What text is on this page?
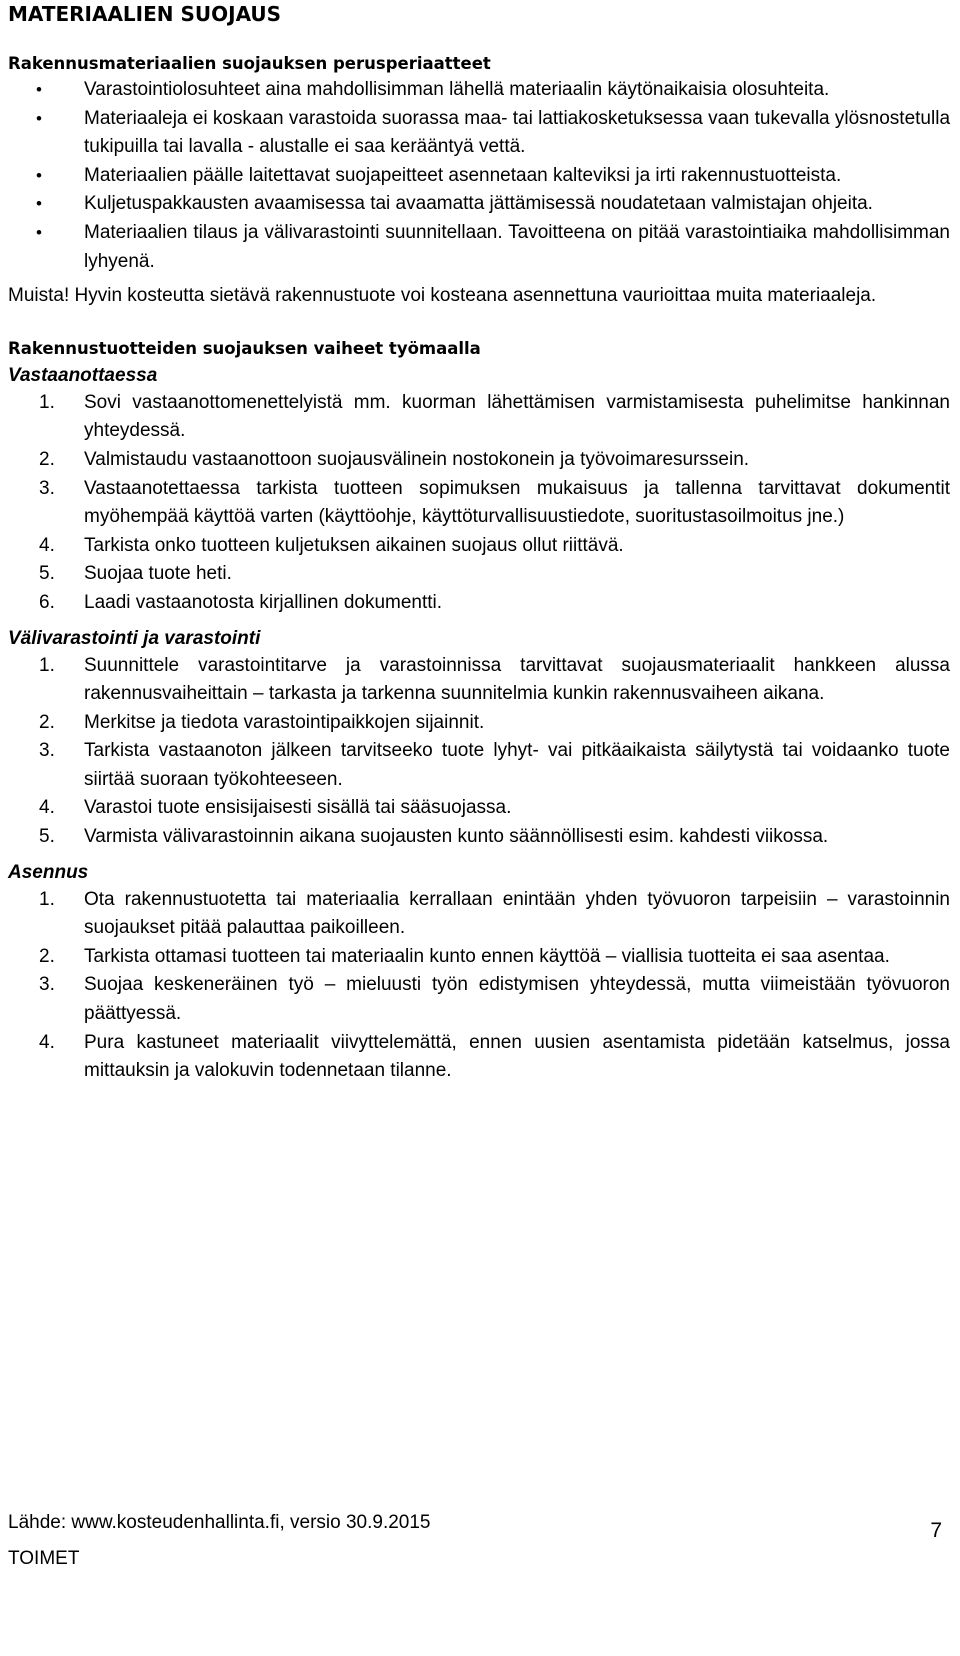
MATERIAALIEN SUOJAUS
Rakennusmateriaalien suojauksen perusperiaatteet
• Varastointiolosuhteet aina mahdollisimman lähellä materiaalin käytönaikaisia olosuhteita.
• Materiaaleja ei koskaan varastoida suorassa maa- tai lattiakosketuksessa vaan tukevalla ylösnostetulla tukipuilla tai lavalla - alustalle ei saa kerääntyä vettä.
• Materiaalien päälle laitettavat suojapeitteet asennetaan kalteviksi ja irti rakennustuotteista.
• Kuljetuspakkausten avaamisessa tai avaamatta jättämisessä noudatetaan valmistajan ohjeita.
• Materiaalien tilaus ja välivarastointi suunnitellaan. Tavoitteena on pitää varastointiaika mahdollisimman lyhyenä.

Muista! Hyvin kosteutta sietävä rakennustuote voi kosteana asennettuna vaurioittaa muita materiaaleja.

Rakennustuotteiden suojauksen vaiheet työmaalla
Vastaanottaessa
1. Sovi vastaanottomenettelyistä mm. kuorman lähettämisen varmistamisesta puhelimitse hankinnan yhteydessä.
2. Valmistaudu vastaanottoon suojausvälinein nostokonein ja työvoimaresurssein.
3. Vastaanotettaessa tarkista tuotteen sopimuksen mukaisuus ja tallenna tarvittavat dokumentit myöhempää käyttöä varten (käyttöohje, käyttöturvallisuustiedote, suoritustasoilmoitus jne.)
4. Tarkista onko tuotteen kuljetuksen aikainen suojaus ollut riittävä.
5. Suojaa tuote heti.
6. Laadi vastaanotosta kirjallinen dokumentti.
Välivarastointi ja varastointi
1. Suunnittele varastointitarve ja varastoinnissa tarvittavat suojausmateriaalit hankkeen alussa rakennusvaiheittain – tarkasta ja tarkenna suunnitelmia kunkin rakennusvaiheen aikana.
2. Merkitse ja tiedota varastointipaikkojen sijainnit.
3. Tarkista vastaanoton jälkeen tarvitseeko tuote lyhyt- vai pitkäaikaista säilytystä tai voidaanko tuote siirtää suoraan työkohteeseen.
4. Varastoi tuote ensisijaisesti sisällä tai sääsuojassa.
5. Varmista välivarastoinnin aikana suojausten kunto säännöllisesti esim. kahdesti viikossa.
Asennus
1. Ota rakennustuotetta tai materiaalia kerrallaan enintään yhden työvuoron tarpeisiin – varastoinnin suojaukset pitää palauttaa paikoilleen.
2. Tarkista ottamasi tuotteen tai materiaalin kunto ennen käyttöä – viallisia tuotteita ei saa asentaa.
3. Suojaa keskeneräinen työ – mieluusti työn edistymisen yhteydessä, mutta viimeistään työvuoron päättyessä.
4. Pura kastuneet materiaalit viivyttelemättä, ennen uusien asentamista pidetään katselmus, jossa mittauksin ja valokuvin todennetaan tilanne.
Lähde: www.kosteudenhallinta.fi, versio 30.9.2015	7
TOIMET
